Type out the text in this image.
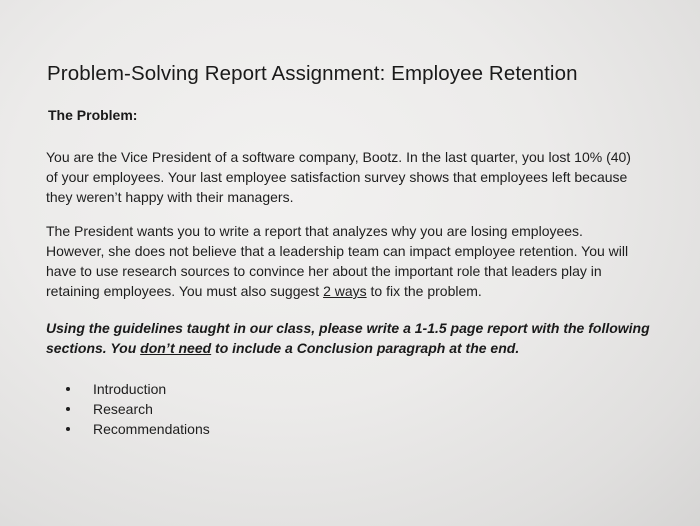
Problem-Solving Report Assignment: Employee Retention
The Problem:
You are the Vice President of a software company, Bootz. In the last quarter, you lost 10% (40)
of your employees. Your last employee satisfaction survey shows that employees left because
they weren’t happy with their managers.
The President wants you to write a report that analyzes why you are losing employees.
However, she does not believe that a leadership team can impact employee retention. You will
have to use research sources to convince her about the important role that leaders play in
retaining employees. You must also suggest 2 ways to fix the problem.
Using the guidelines taught in our class, please write a 1-1.5 page report with the following
sections. You don’t need to include a Conclusion paragraph at the end.
Introduction
Research
Recommendations
